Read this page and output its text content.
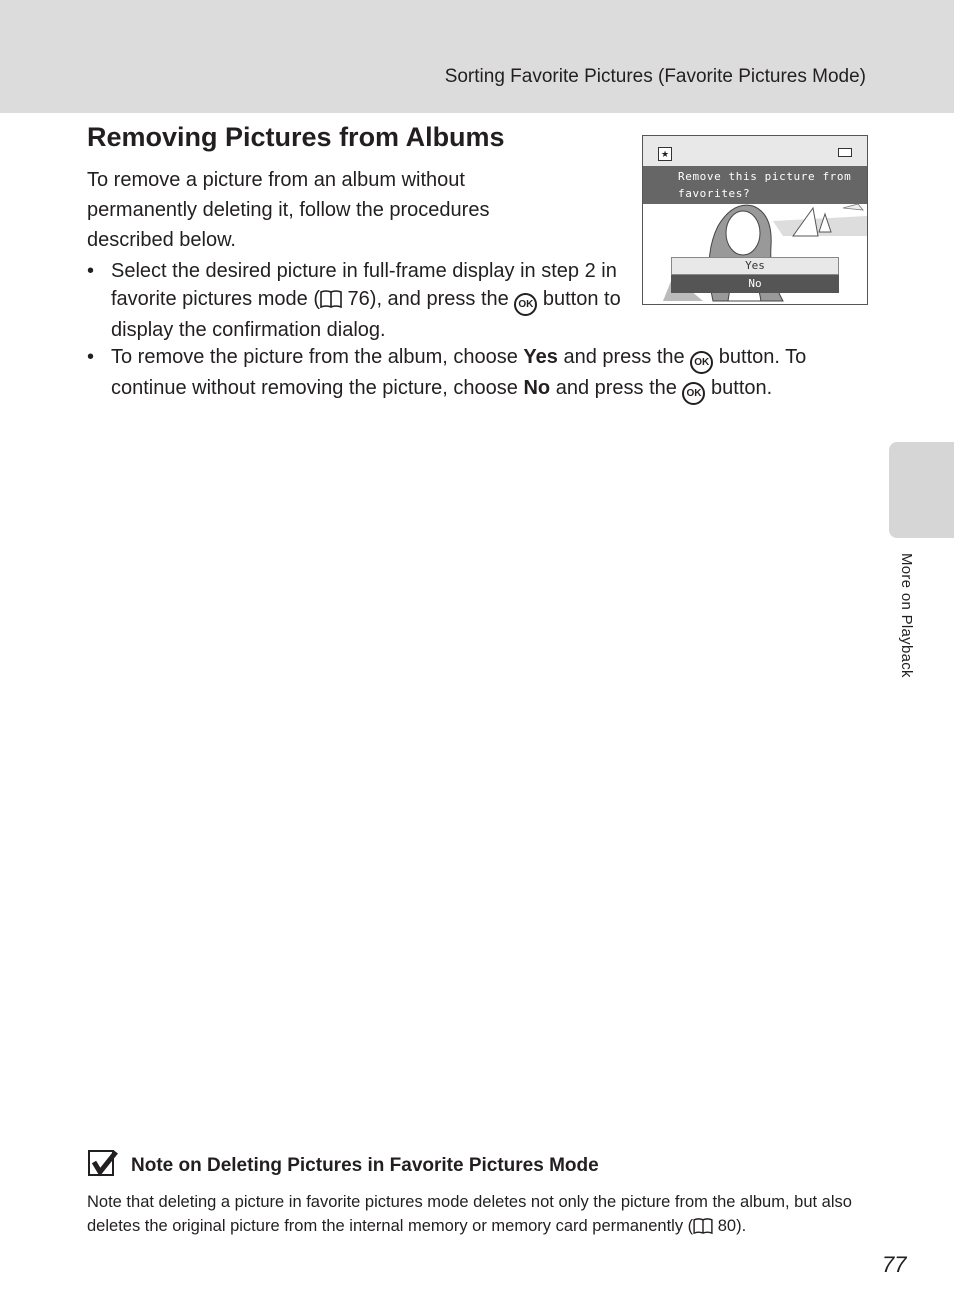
Sorting Favorite Pictures (Favorite Pictures Mode)
More on Playback
Removing Pictures from Albums

To remove a picture from an album without permanently deleting it, follow the procedures described below.

• Select the desired picture in full-frame display in step 2 in favorite pictures mode ( 76), and press the OK button to display the confirmation dialog.
• To remove the picture from the album, choose Yes and press the OK button. To continue without removing the picture, choose No and press the OK button.
★
Remove this picture from favorites?
Yes
No
Note on Deleting Pictures in Favorite Pictures Mode

Note that deleting a picture in favorite pictures mode deletes not only the picture from the album, but also deletes the original picture from the internal memory or memory card permanently ( 80).

77
